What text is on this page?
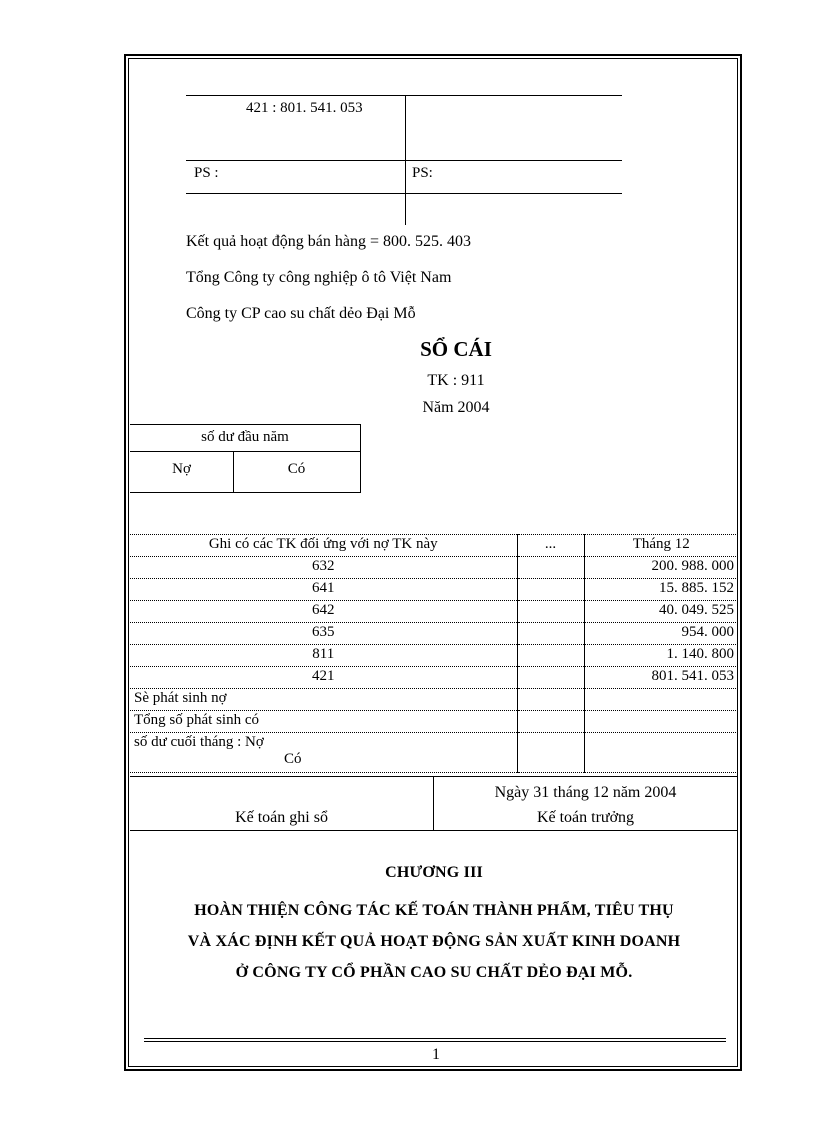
421 : 801. 541. 053
PS :	PS:
Kết quả hoạt động bán hàng = 800. 525. 403
Tổng Công ty công nghiệp ô tô Việt Nam
Công ty CP cao su chất dẻo Đại Mỗ
SỔ CÁI
TK : 911
Năm 2004
số dư đầu năm
Nợ	Có
Ghi có các TK đối ứng với nợ TK này	...	Tháng 12
632		200. 988. 000
641		15. 885. 152
642		40. 049. 525
635		954. 000
811		1. 140. 800
421		801. 541. 053
Sè phát sinh nợ		
Tổng số phát sinh có		

số dư cuối tháng : Nợ
Có		

Ngày 31 tháng 12 năm 2004
Kế toán ghi sổ	Kế toán trưởng
CHƯƠNG III
HOÀN THIỆN CÔNG TÁC KẾ TOÁN THÀNH PHẨM, TIÊU THỤ
VÀ XÁC ĐỊNH KẾT QUẢ HOẠT ĐỘNG SẢN XUẤT KINH DOANH
Ở CÔNG TY CỔ PHẦN CAO SU CHẤT DẺO ĐẠI MỖ.
1
